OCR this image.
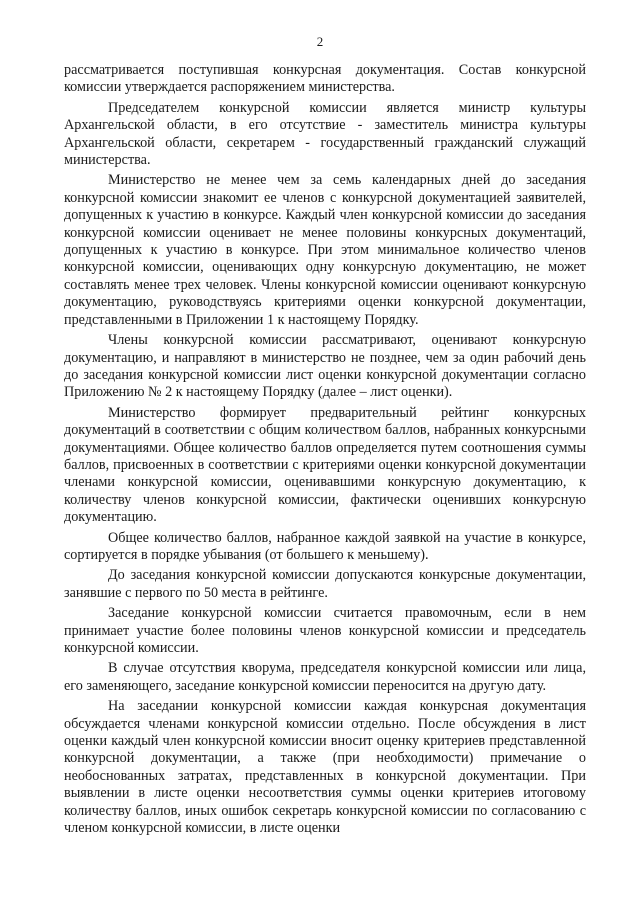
2

рассматривается поступившая конкурсная документация. Состав конкурсной комиссии утверждается распоряжением министерства.

Председателем конкурсной комиссии является министр культуры Архангельской области, в его отсутствие - заместитель министра культуры Архангельской области, секретарем - государственный гражданский служащий министерства.

Министерство не менее чем за семь календарных дней до заседания конкурсной комиссии знакомит ее членов с конкурсной документацией заявителей, допущенных к участию в конкурсе. Каждый член конкурсной комиссии до заседания конкурсной комиссии оценивает не менее половины конкурсных документаций, допущенных к участию в конкурсе. При этом минимальное количество членов конкурсной комиссии, оценивающих одну конкурсную документацию, не может составлять менее трех человек. Члены конкурсной комиссии оценивают конкурсную документацию, руководствуясь критериями оценки конкурсной документации, представленными в Приложении 1 к настоящему Порядку.

Члены конкурсной комиссии рассматривают, оценивают конкурсную документацию, и направляют в министерство не позднее, чем за один рабочий день до заседания конкурсной комиссии лист оценки конкурсной документации согласно Приложению № 2 к настоящему Порядку (далее – лист оценки).

Министерство формирует предварительный рейтинг конкурсных документаций в соответствии с общим количеством баллов, набранных конкурсными документациями. Общее количество баллов определяется путем соотношения суммы баллов, присвоенных в соответствии с критериями оценки конкурсной документации членами конкурсной комиссии, оценивавшими конкурсную документацию, к количеству членов конкурсной комиссии, фактически оценивших конкурсную документацию.

Общее количество баллов, набранное каждой заявкой на участие в конкурсе, сортируется в порядке убывания (от большего к меньшему).

До заседания конкурсной комиссии допускаются конкурсные документации, занявшие с первого по 50 места в рейтинге.

Заседание конкурсной комиссии считается правомочным, если в нем принимает участие более половины членов конкурсной комиссии и председатель конкурсной комиссии.

В случае отсутствия кворума, председателя конкурсной комиссии или лица, его заменяющего, заседание конкурсной комиссии переносится на другую дату.

На заседании конкурсной комиссии каждая конкурсная документация обсуждается членами конкурсной комиссии отдельно. После обсуждения в лист оценки каждый член конкурсной комиссии вносит оценку критериев представленной конкурсной документации, а также (при необходимости) примечание о необоснованных затратах, представленных в конкурсной документации. При выявлении в листе оценки несоответствия суммы оценки критериев итоговому количеству баллов, иных ошибок секретарь конкурсной комиссии по согласованию с членом конкурсной комиссии, в листе оценки
